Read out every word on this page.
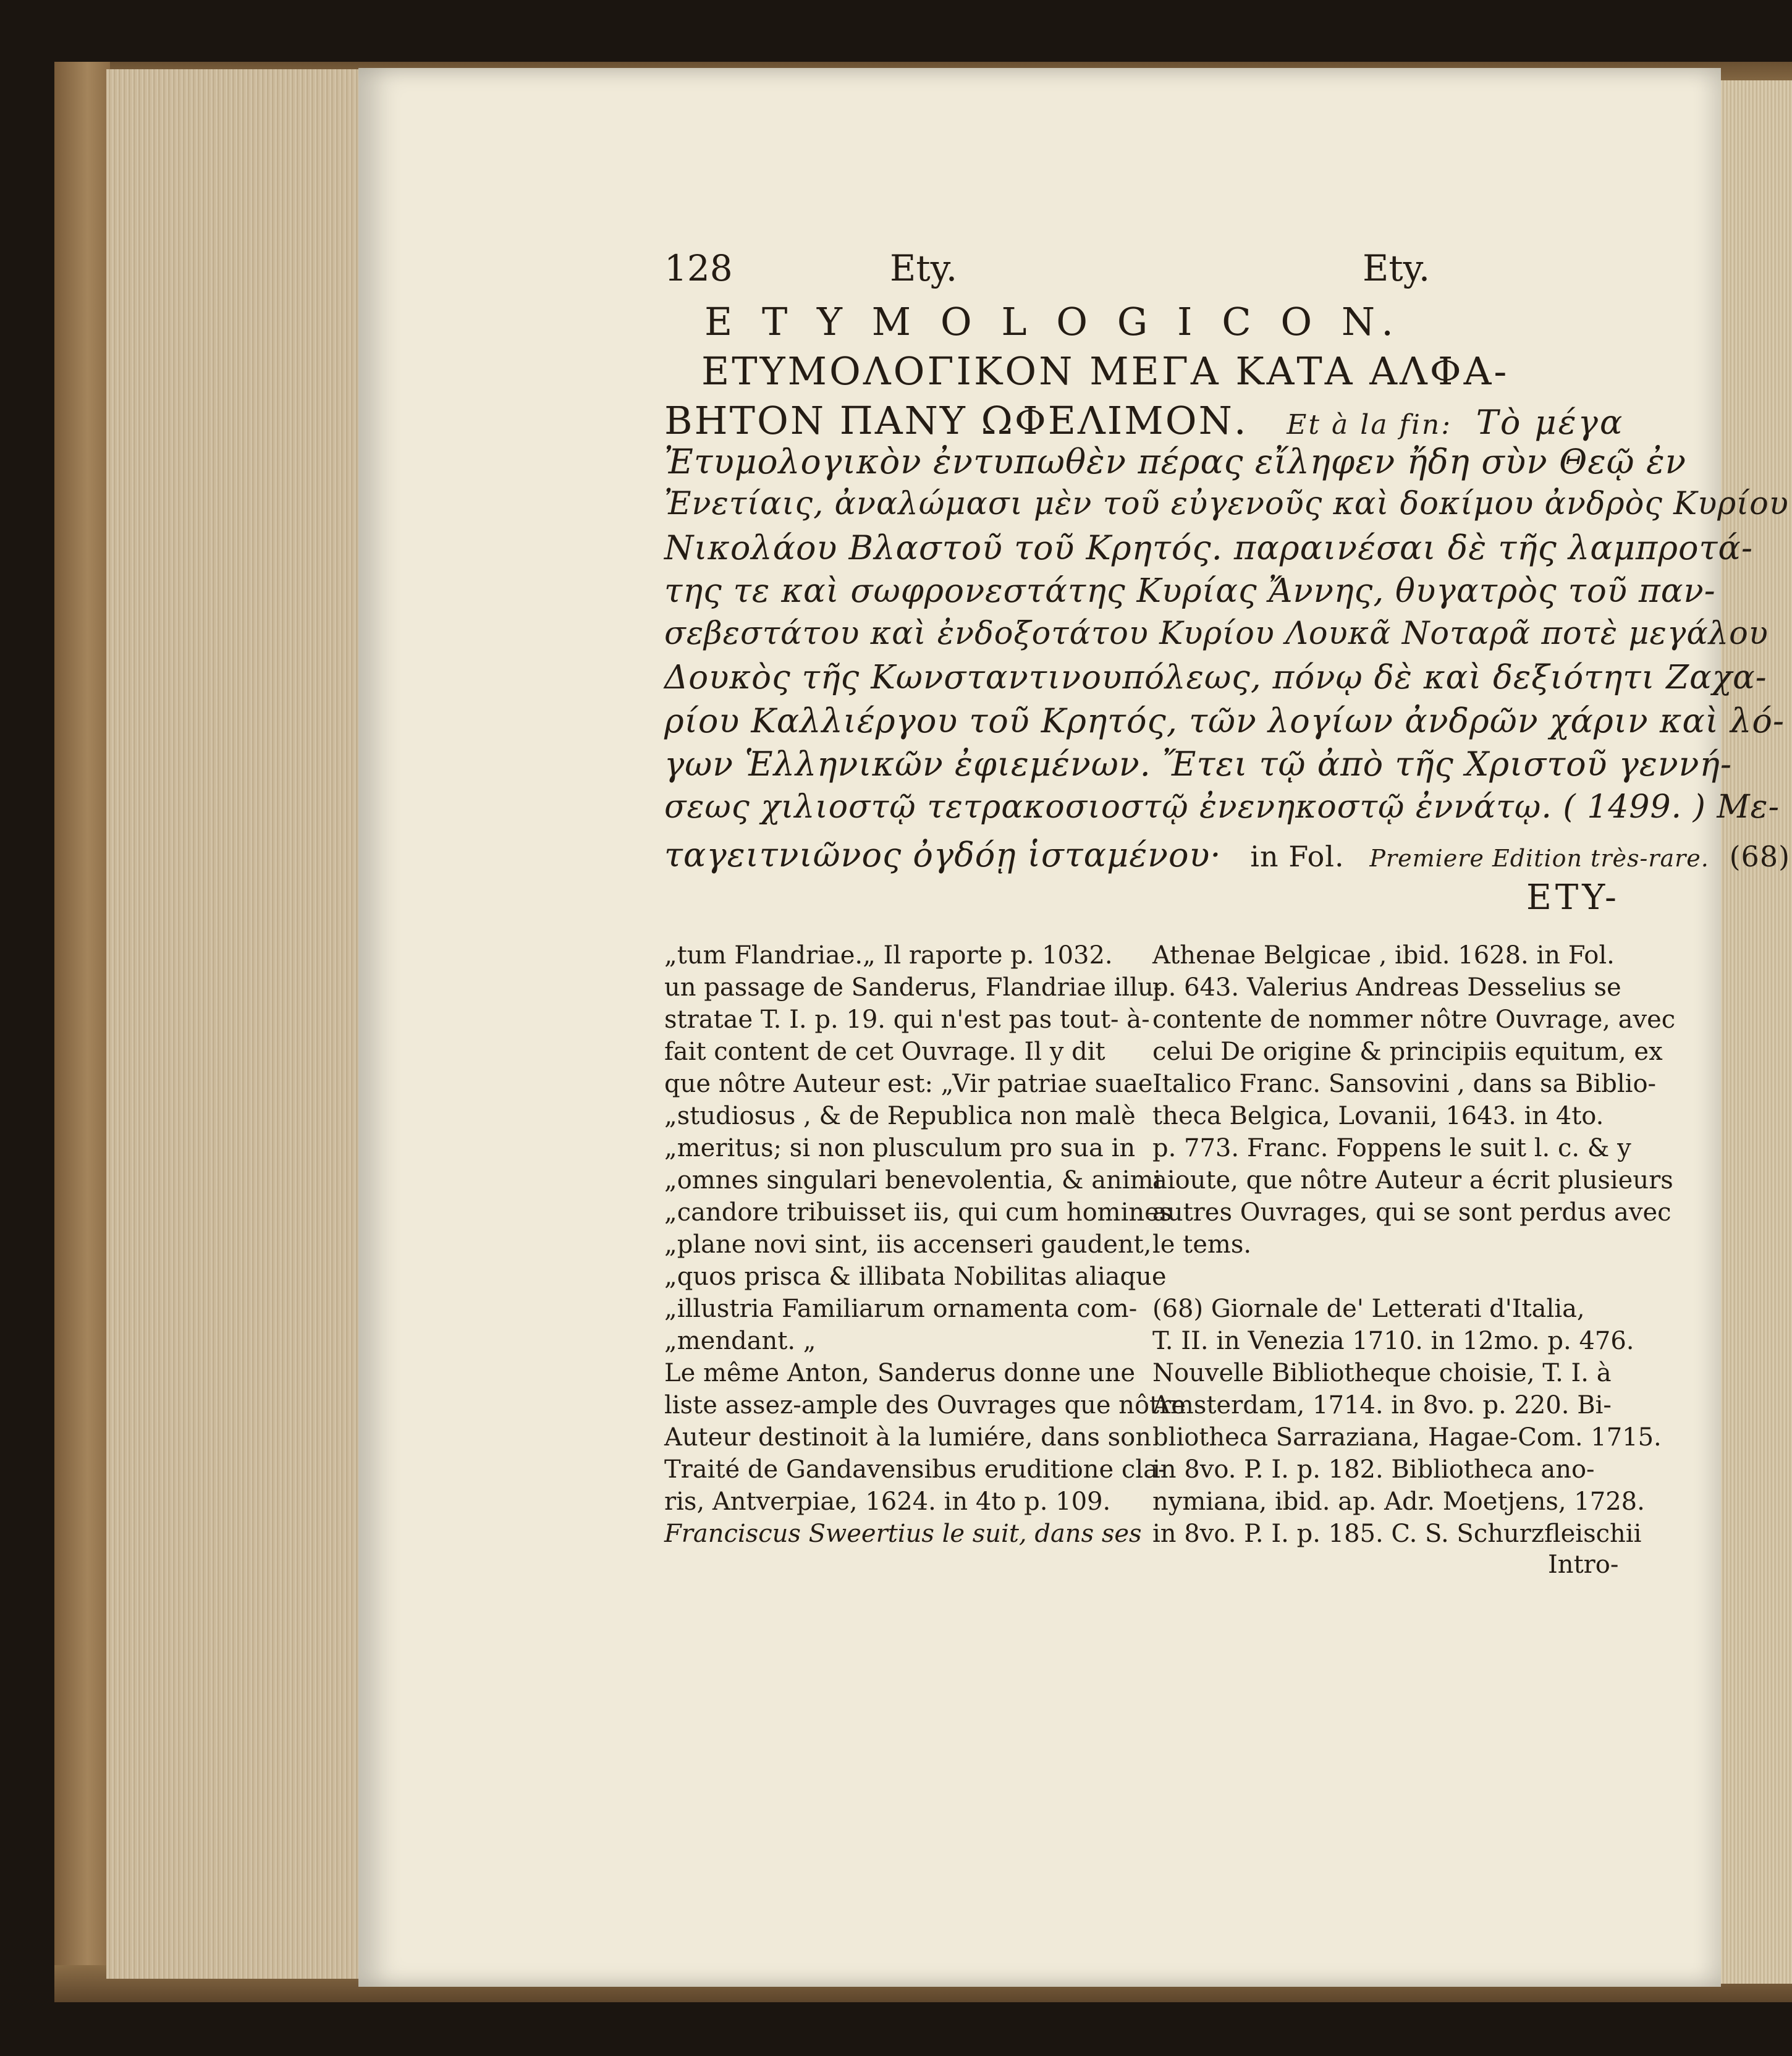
128	Ety.	Ety.
E T Y M O L O G I C O N.
ΕΤΥΜΟΛΟΓΙΚΟΝ ΜΕΓΑ ΚΑΤΑ ΑΛΦΑ-
ΒΗΤΟΝ ΠΑΝΥ ΩΦΕΛΙΜΟΝ. Et à la fin: Τὸ μέγα
Ἐτυμολογικὸν ἐντυπωθὲν πέρας εἴληφεν ἤδη σὺν Θεῷ ἐν
Ἐνετίαις, ἀναλώμασι μὲν τοῦ εὐγενοῦς καὶ δοκίμου ἀνδρὸς Κυρίου
Νικολάου Βλαστοῦ τοῦ Κρητός. παραινέσαι δὲ τῆς λαμπροτά-
της τε καὶ σωφρονεστάτης Κυρίας Ἄννης, θυγατρὸς τοῦ παν-
σεβεστάτου καὶ ἐνδοξοτάτου Κυρίου Λουκᾶ Νοταρᾶ ποτὲ μεγάλου
Δουκὸς τῆς Κωνσταντινουπόλεως, πόνῳ δὲ καὶ δεξιότητι Ζαχα-
ρίου Καλλιέργου τοῦ Κρητός, τῶν λογίων ἀνδρῶν χάριν καὶ λό-
γων Ἑλληνικῶν ἐφιεμένων. Ἔτει τῷ ἀπὸ τῆς Χριστοῦ γεννή-
σεως χιλιοστῷ τετρακοσιοστῷ ἐνενηκοστῷ ἐννάτῳ. ( 1499. ) Με-
ταγειτνιῶνος ὀγδόῃ ἱσταμένου· in Fol. Premiere Edition très-rare. (68)
ETY-

„tum Flandriae.„ Il raporte p. 1032.

un passage de Sanderus, Flandriae illu-

strataе T. I. p. 19. qui n'est pas tout- à-

fait content de cet Ouvrage. Il y dit

que nôtre Auteur est: „Vir patriae suae

„studiosus , & de Republica non malè

„meritus; si non plusculum pro sua in

„omnes singulari benevolentia, & animi

„candore tribuisset iis, qui cum homines

„plane novi sint, iis accenseri gaudent,

„quos prisca & illibata Nobilitas aliaque

„illustria Familiarum ornamenta com-

„mendant. „

Le même Anton, Sanderus donne une

liste assez-ample des Ouvrages que nôtre

Auteur destinoit à la lumiére, dans son

Traité de Gandavensibus eruditione cla-

ris, Antverpiae, 1624. in 4to p. 109.

Franciscus Sweertius le suit, dans ses

Athenae Belgicae , ibid. 1628. in Fol.

p. 643. Valerius Andreas Desselius se

contente de nommer nôtre Ouvrage, avec

celui De origine & principiis equitum, ex

Italico Franc. Sansovini , dans sa Biblio-

theca Belgica, Lovanii, 1643. in 4to.

p. 773. Franc. Foppens le suit l. c. & y

aioute, que nôtre Auteur a écrit plusieurs

autres Ouvrages, qui se sont perdus avec

le tems.

(68) Giornale de' Letterati d'Italia,

T. II. in Venezia 1710. in 12mo. p. 476.

Nouvelle Bibliotheque choisie, T. I. à

Amsterdam, 1714. in 8vo. p. 220. Bi-

bliotheca Sarraziana, Hagae-Com. 1715.

in 8vo. P. I. p. 182. Bibliotheca ano-

nymiana, ibid. ap. Adr. Moetjens, 1728.

in 8vo. P. I. p. 185. C. S. Schurzfleischii

Intro-
